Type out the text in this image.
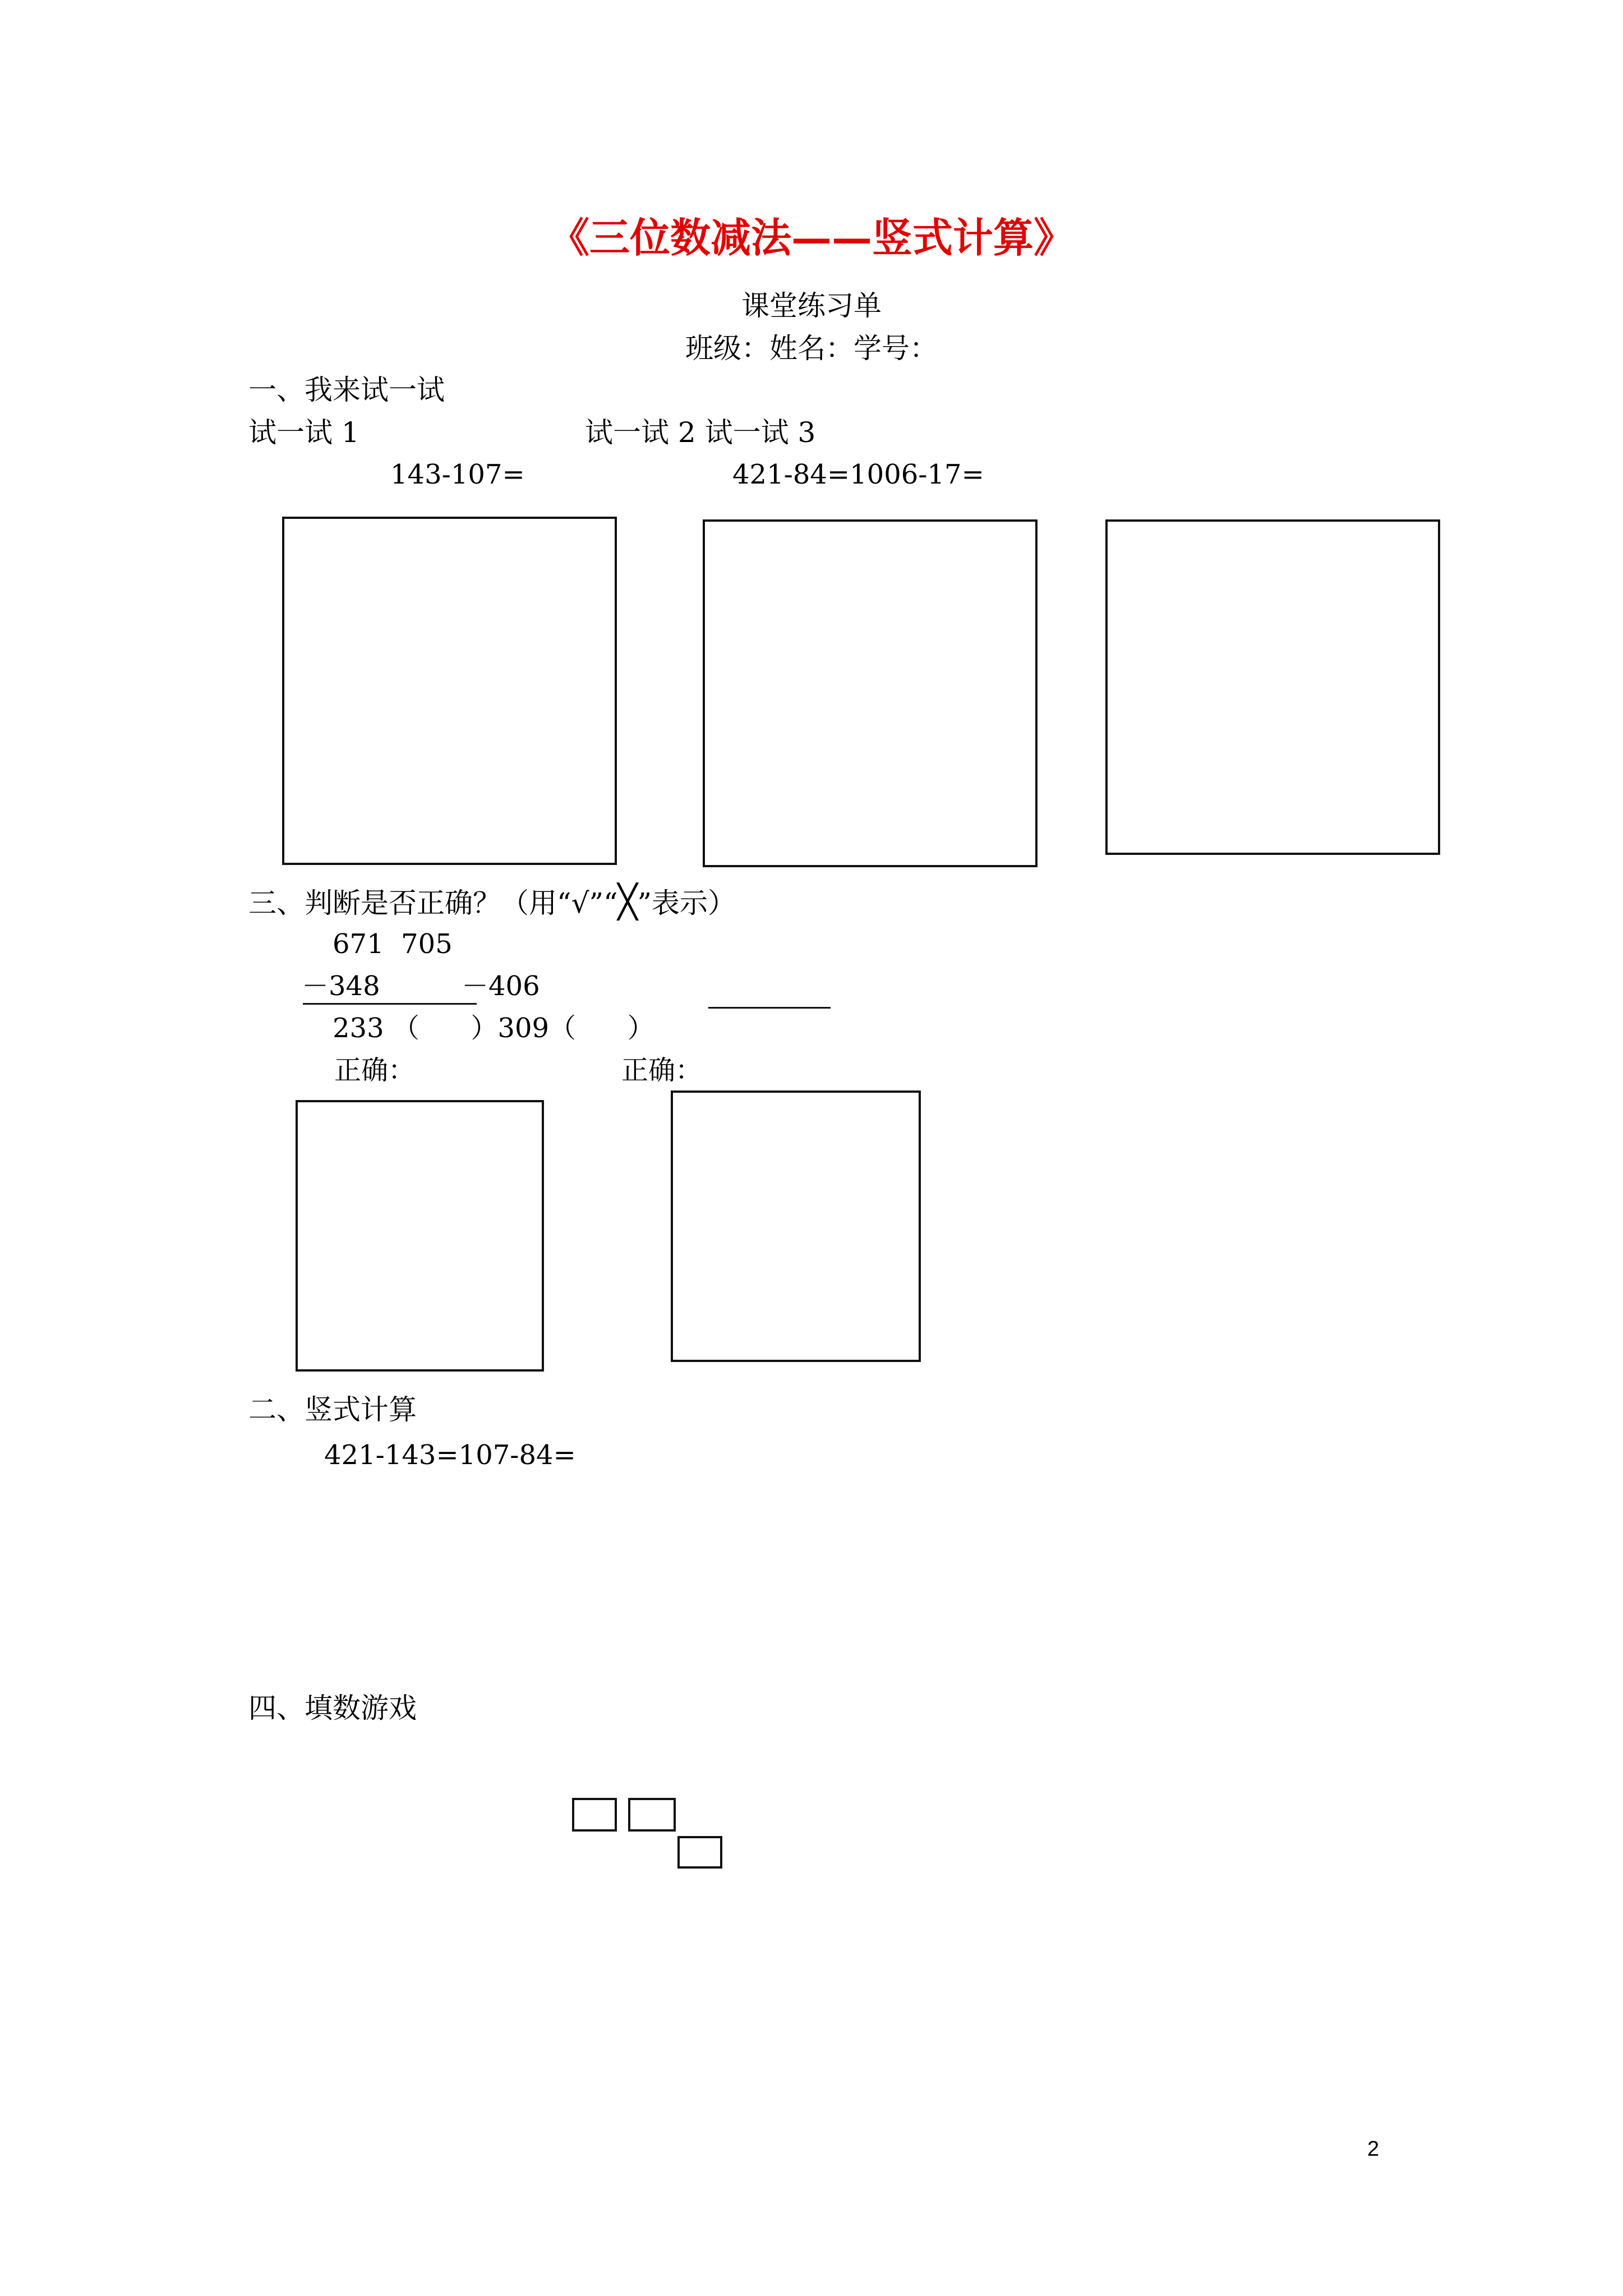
《三位数减法——竖式计算》
课堂练习单
班级：姓名：学号：
一、我来试一试
试一试 1	试一试 2 试一试 3
143-107=	421-84=1006-17=
三、判断是否正确？（用“√”“╳”表示）
671  705
－348	－406
233 （      ）309（      ）
正确：	正确：
二、竖式计算
421-143=107-84=
四、填数游戏
2
